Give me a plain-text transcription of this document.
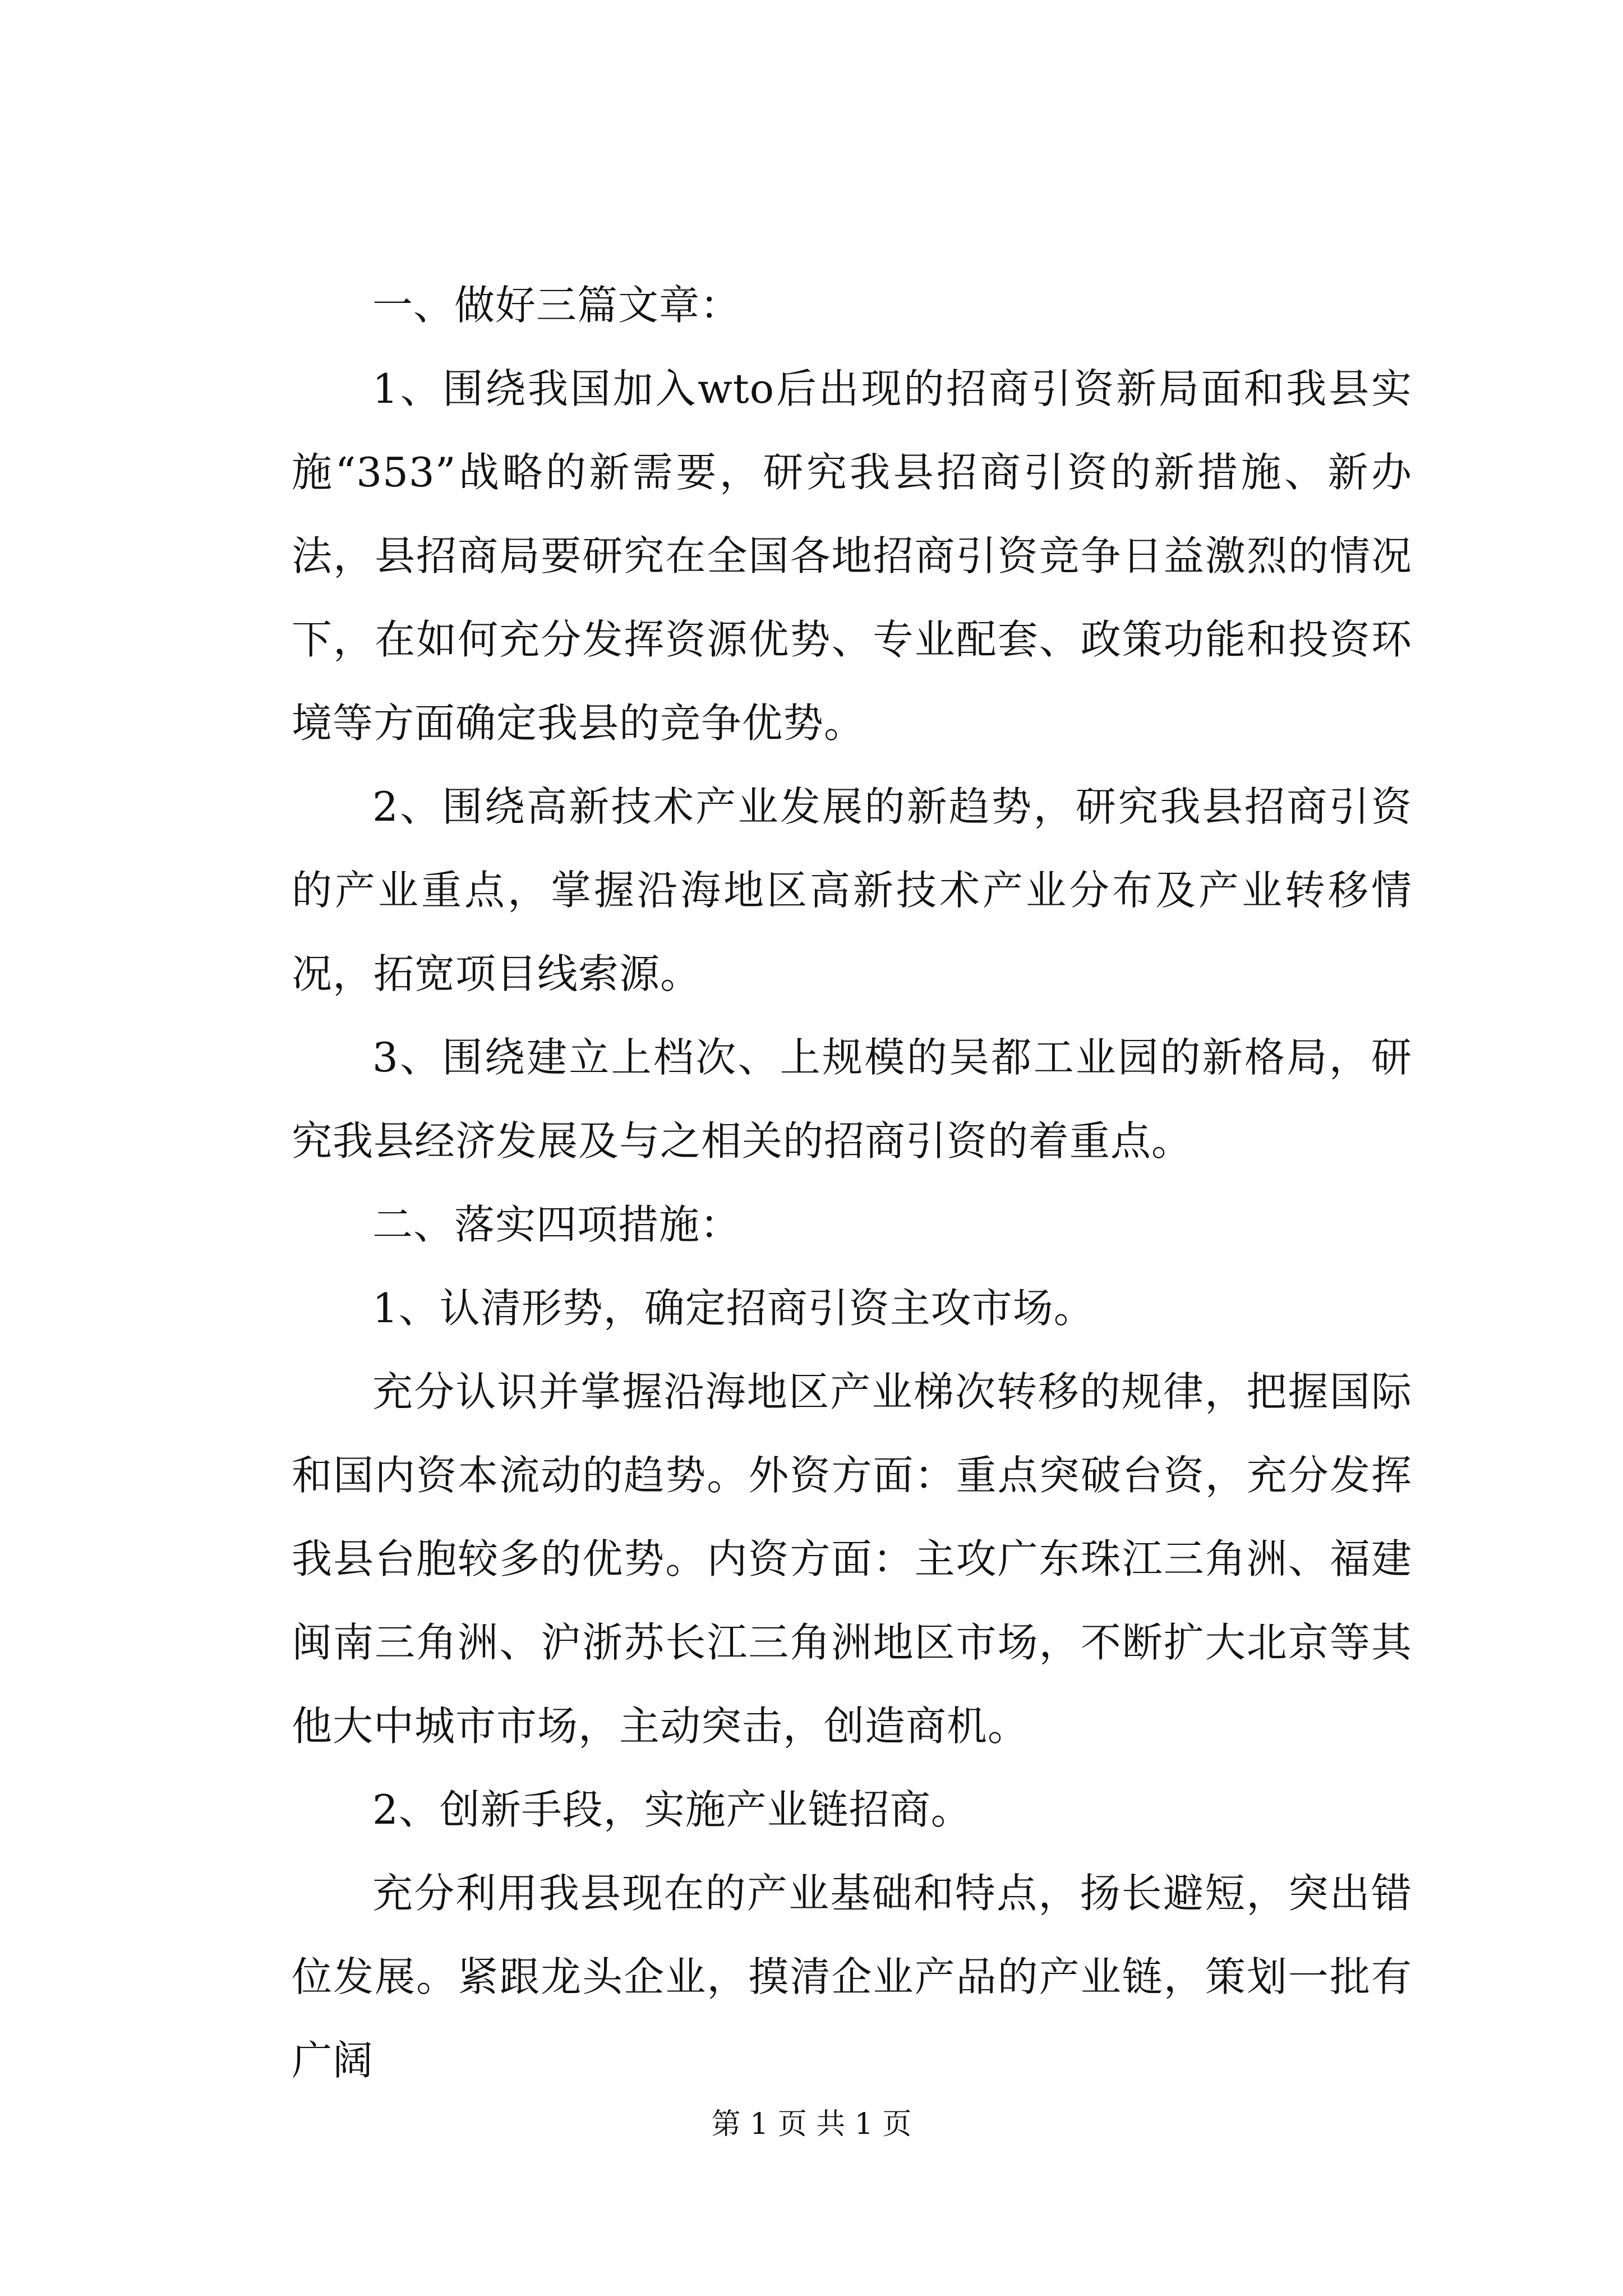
一、做好三篇文章：

1、围绕我国加入wto后出现的招商引资新局面和我县实施“353”战略的新需要，研究我县招商引资的新措施、新办法，县招商局要研究在全国各地招商引资竞争日益激烈的情况下，在如何充分发挥资源优势、专业配套、政策功能和投资环境等方面确定我县的竞争优势。

2、围绕高新技术产业发展的新趋势，研究我县招商引资的产业重点，掌握沿海地区高新技术产业分布及产业转移情况，拓宽项目线索源。

3、围绕建立上档次、上规模的吴都工业园的新格局，研究我县经济发展及与之相关的招商引资的着重点。

二、落实四项措施：

1、认清形势，确定招商引资主攻市场。

充分认识并掌握沿海地区产业梯次转移的规律，把握国际和国内资本流动的趋势。外资方面：重点突破台资，充分发挥我县台胞较多的优势。内资方面：主攻广东珠江三角洲、福建闽南三角洲、沪浙苏长江三角洲地区市场，不断扩大北京等其他大中城市市场，主动突击，创造商机。

2、创新手段，实施产业链招商。

充分利用我县现在的产业基础和特点，扬长避短，突出错位发展。紧跟龙头企业，摸清企业产品的产业链，策划一批有广阔

第 1 页 共 1 页
